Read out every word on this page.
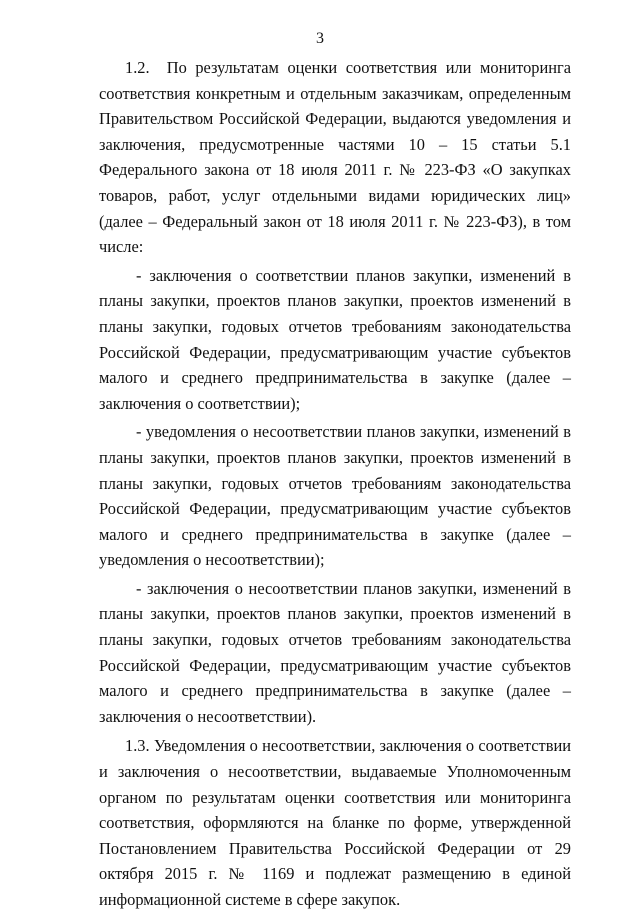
3

1.2.  По результатам оценки соответствия или мониторинга соответствия конкретным и отдельным заказчикам, определенным Правительством Российской Федерации, выдаются уведомления и заключения, предусмотренные частями 10 – 15 статьи 5.1 Федерального закона от 18 июля 2011 г. № 223-ФЗ «О закупках товаров, работ, услуг отдельными видами юридических лиц» (далее – Федеральный закон от 18 июля 2011 г. № 223-ФЗ), в том числе:

- заключения о соответствии планов закупки, изменений в планы закупки, проектов планов закупки, проектов изменений в планы закупки, годовых отчетов требованиям законодательства Российской Федерации, предусматривающим участие субъектов малого и среднего предпринимательства в закупке (далее – заключения о соответствии);

- уведомления о несоответствии планов закупки, изменений в планы закупки, проектов планов закупки, проектов изменений в планы закупки, годовых отчетов требованиям законодательства Российской Федерации, предусматривающим участие субъектов малого и среднего предпринимательства в закупке (далее – уведомления о несоответствии);

- заключения о несоответствии планов закупки, изменений в планы закупки, проектов планов закупки, проектов изменений в планы закупки, годовых отчетов требованиям законодательства Российской Федерации, предусматривающим участие субъектов малого и среднего предпринимательства в закупке (далее – заключения о несоответствии).

1.3. Уведомления о несоответствии, заключения о соответствии и заключения о несоответствии, выдаваемые Уполномоченным органом по результатам оценки соответствия или мониторинга соответствия, оформляются на бланке по форме, утвержденной Постановлением Правительства Российской Федерации от 29 октября 2015 г. № 1169 и подлежат размещению в единой информационной системе в сфере закупок.
